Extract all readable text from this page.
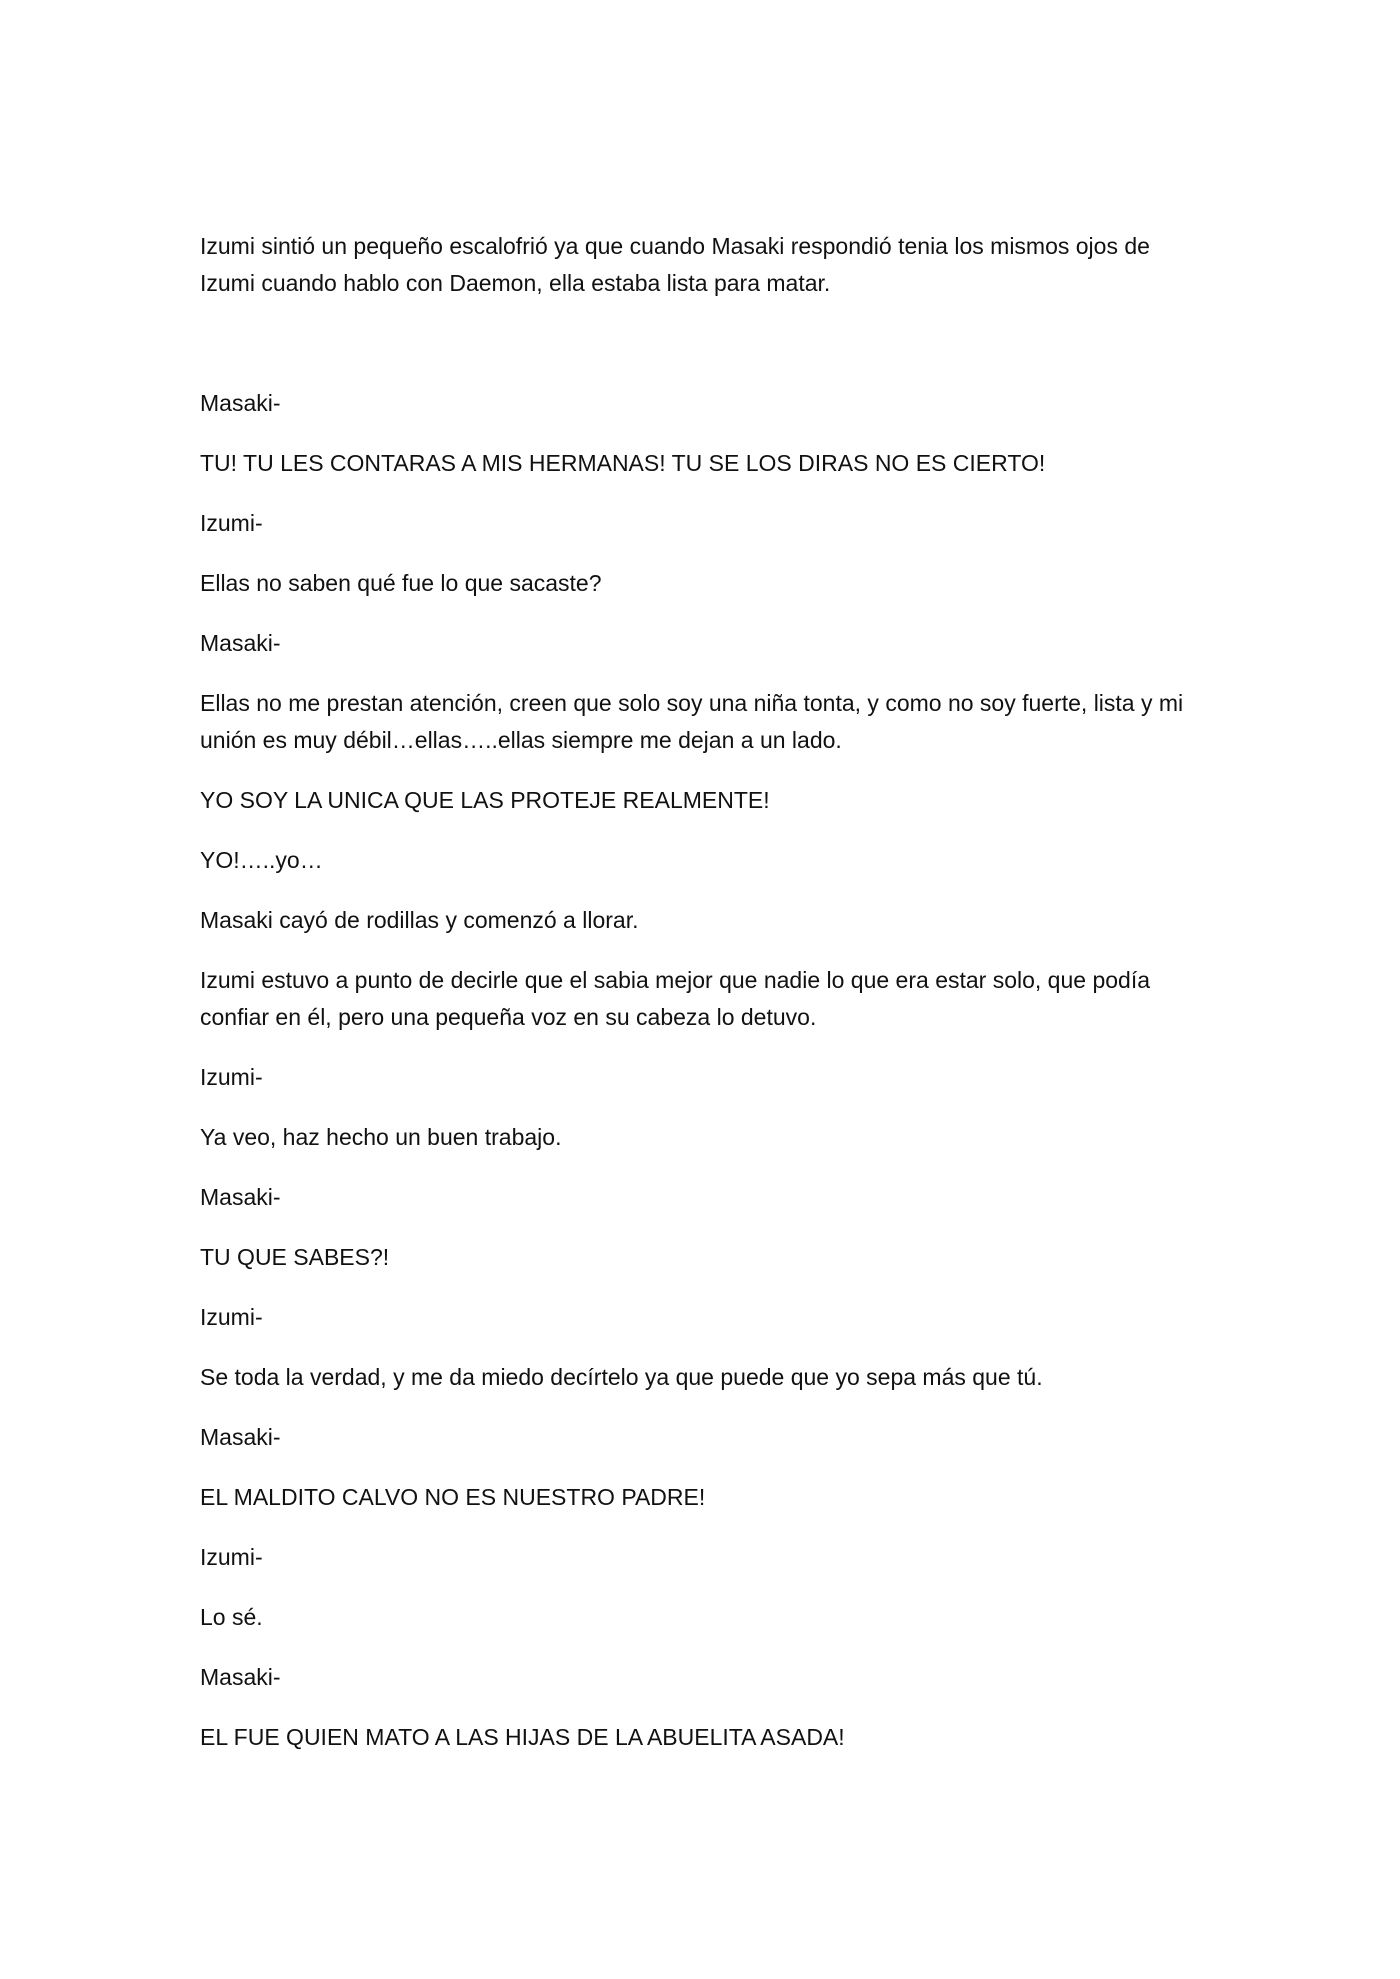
Izumi sintió un pequeño escalofrió ya que cuando Masaki respondió tenia los mismos ojos de Izumi cuando hablo con Daemon, ella estaba lista para matar.

Masaki-

TU! TU LES CONTARAS A MIS HERMANAS! TU SE LOS DIRAS NO ES CIERTO!

Izumi-

Ellas no saben qué fue lo que sacaste?

Masaki-

Ellas no me prestan atención, creen que solo soy una niña tonta, y como no soy fuerte, lista y mi unión es muy débil…ellas…..ellas siempre me dejan a un lado.

YO SOY LA UNICA QUE LAS PROTEJE REALMENTE!

YO!…..yo…

Masaki cayó de rodillas y comenzó a llorar.

Izumi estuvo a punto de decirle que el sabia mejor que nadie lo que era estar solo, que podía confiar en él, pero una pequeña voz en su cabeza lo detuvo.

Izumi-

Ya veo, haz hecho un buen trabajo.

Masaki-

TU QUE SABES?!

Izumi-

Se toda la verdad, y me da miedo decírtelo ya que puede que yo sepa más que tú.

Masaki-

EL MALDITO CALVO NO ES NUESTRO PADRE!

Izumi-

Lo sé.

Masaki-

EL FUE QUIEN MATO A LAS HIJAS DE LA ABUELITA ASADA!
